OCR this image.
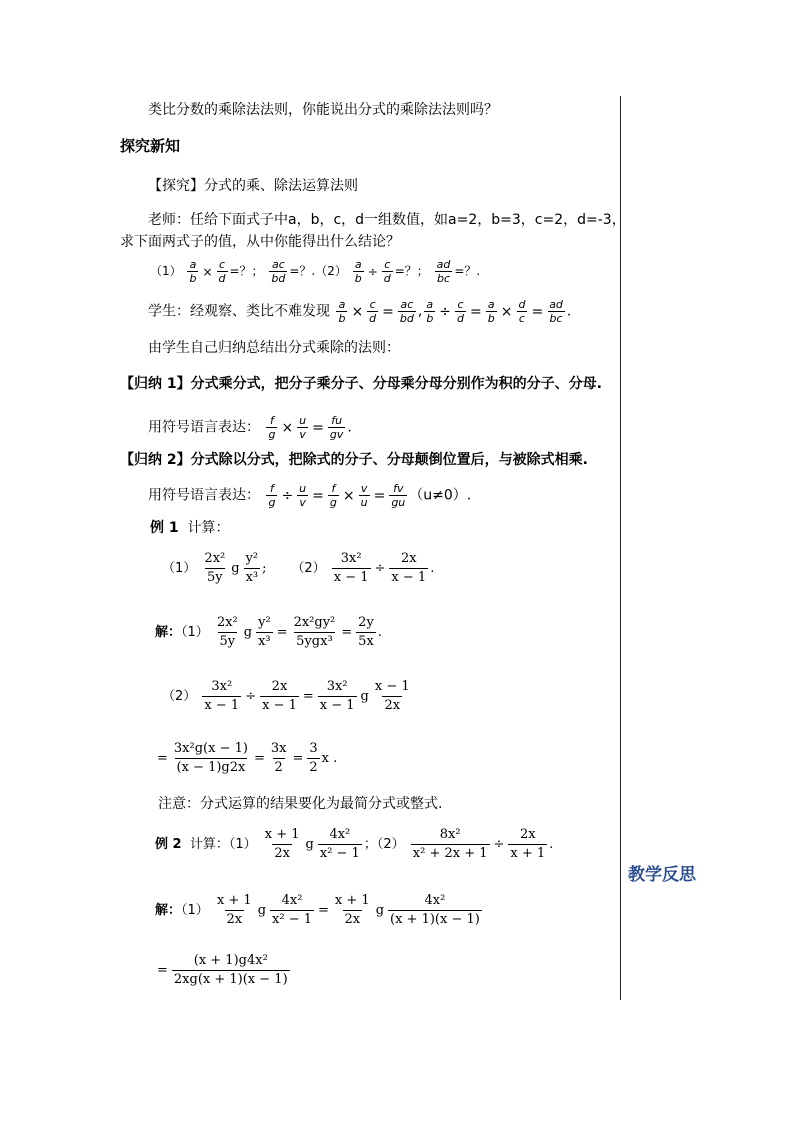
类比分数的乘除法法则，你能说出分式的乘除法法则吗？
探究新知
【探究】分式的乘、除法运算法则
老师：任给下面式子中a，b，c，d一组数值，如a=2，b=3，c=2，d=-3，
求下面两式子的值，从中你能得出什么结论？
$(1) \frac{a}{b} \times \frac{c}{d}$ =？； $\frac{ac}{bd}$ =？$.(2) \frac{a}{b} \div \frac{c}{d}$ =？； $\frac{ad}{bc}$ =？.
学生：经观察、类比不难发现 $\frac{a}{b} \times \frac{c}{d} = \frac{ac}{bd}$ , $\frac{a}{b} \div \frac{c}{d} = \frac{a}{b} \times \frac{d}{c} = \frac{ad}{bc}$ .
由学生自己归纳总结出分式乘除的法则：
【归纳 1】分式乘分式，把分子乘分子、分母乘分母分别作为积的分子、分母.
用符号语言表达： $\frac{f}{g} \times \frac{u}{v} = \frac{fu}{gv}$ .
【归纳 2】分式除以分式，把除式的分子、分母颠倒位置后，与被除式相乘.
用符号语言表达： $\frac{f}{g} \div \frac{u}{v} = \frac{f}{g} \times \frac{v}{u} = \frac{fv}{gu} (u\ne 0)$.
例 1 计算：
$(1) \frac{\text{2x²}}{5y}$ g $\frac{\text{y²}}{\text{x³}}$ ;      $(2) \frac{\text{3x²}}{x - 1} \div \frac{2x}{x - 1}$ .
解：$(1) \frac{\text{2x²}}{5y}$ g $\frac{\text{y²}}{\text{x³}} = \frac{\text{2x²gy²}}{\text{5ygx³}} = \frac{2y}{5x}$ .
$(2) \frac{\text{3x²}}{x - 1} \div \frac{2x}{x - 1} = \frac{\text{3x²}}{x - 1}$ g $\frac{x - 1}{2x}$
= $\frac{\text{3x²g(x − 1)}}{(x - 1)g2x} = \frac{3x}{2} = \frac{3}{2}$ x .
注意：分式运算的结果要化为最简分式或整式.
例 2 计算：$(1) \frac{x + 1}{2x}$ g $\frac{\text{4x²}}{\text{x² − 1}}$ ；$(2) \frac{\text{8x²}}{\text{x² + 2x + 1}} \div \frac{2x}{x + 1}$ .
解：$(1) \frac{x + 1}{2x}$ g $\frac{\text{4x²}}{\text{x² − 1}} = \frac{x + 1}{2x}$ g $\frac{\text{4x²}}{(x + 1)(x - 1)}$
= $\frac{\text{(x + 1)g4x²}}{2xg(x + 1)(x - 1)}$
教学反思
